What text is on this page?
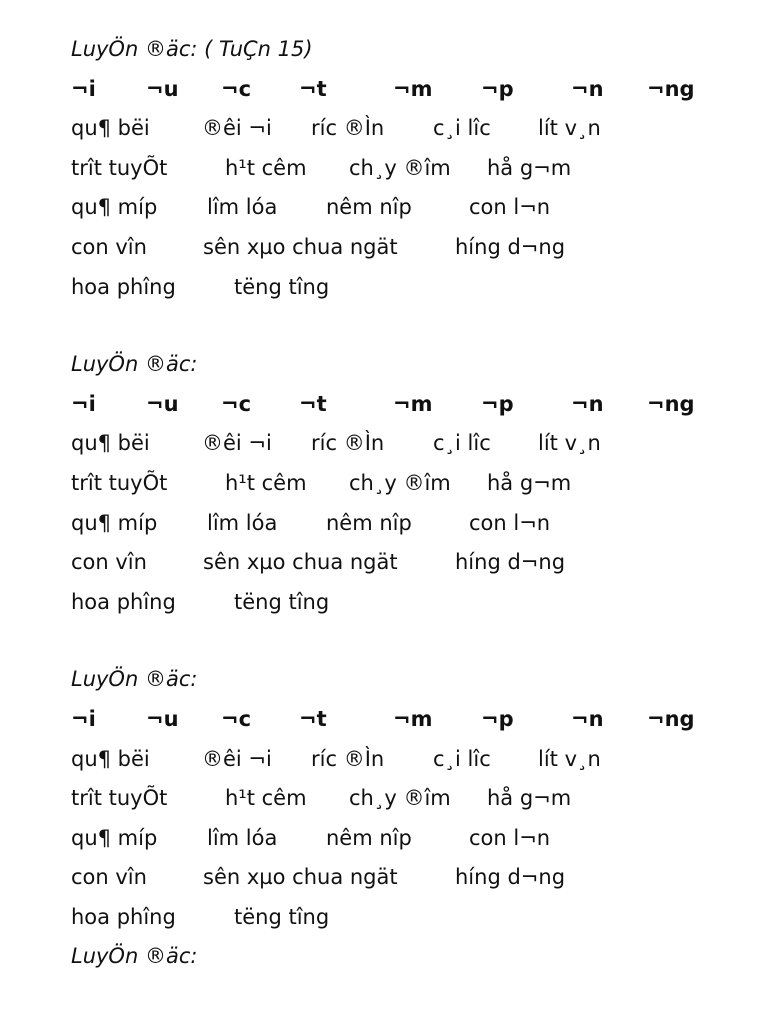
LuyÖn ®äc: ( TuÇn 15)
¬i ¬u ¬c ¬t	¬m ¬p	¬n ¬ng
qu¶ bëi ®êi ¬i ríc ®Ìn c¸i lîc lít v¸n
trît tuyÕt	h¹t cêm ch¸y ®îm hå g¬m
qu¶ míp lîm lóa nêm nîp	con l¬n
con vîn	sên xµo chua ngät	híng d¬ng
hoa phîng	tëng tîng
LuyÖn ®äc:
¬i ¬u ¬c ¬t	¬m ¬p	¬n ¬ng
qu¶ bëi ®êi ¬i ríc ®Ìn c¸i lîc lít v¸n
trît tuyÕt	h¹t cêm ch¸y ®îm hå g¬m
qu¶ míp lîm lóa nêm nîp	con l¬n
con vîn	sên xµo chua ngät	híng d¬ng
hoa phîng	tëng tîng
LuyÖn ®äc:
¬i ¬u ¬c ¬t	¬m ¬p	¬n ¬ng
qu¶ bëi ®êi ¬i ríc ®Ìn c¸i lîc lít v¸n
trît tuyÕt	h¹t cêm ch¸y ®îm hå g¬m
qu¶ míp lîm lóa nêm nîp	con l¬n
con vîn	sên xµo chua ngät	híng d¬ng
hoa phîng	tëng tîng
LuyÖn ®äc:
